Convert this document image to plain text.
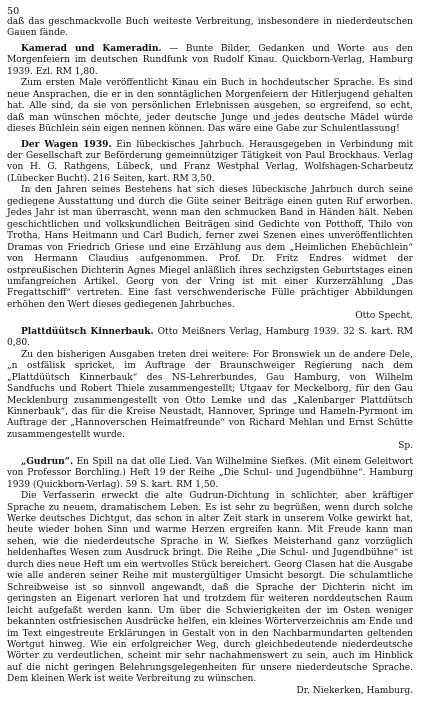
50
daß das geschmackvolle Buch weiteste Verbreitung, insbesondere in niederdeutschen Gauen fände.
Kamerad und Kameradin. — Bunte Bilder, Gedanken und Worte aus den Morgenfeiern im deutschen Rundfunk von Rudolf Kinau. Quickborn-Verlag, Hamburg 1939. Ezl. RM 1,80.
Zum ersten Male veröffentlicht Kinau ein Buch in hochdeutscher Sprache. Es sind neue Ansprachen, die er in den sonntäglichen Morgenfeiern der Hitlerjugend gehalten hat. Alle sind, da sie von persönlichen Erlebnissen ausgehen, so ergreifend, so echt, daß man wünschen möchte, jeder deutsche Junge und jedes deutsche Mädel würde dieses Büchlein sein eigen nennen können. Das wäre eine Gabe zur Schulentlassung!
Der Wagen 1939. Ein lübeckisches Jahrbuch. Herausgegeben in Verbindung mit der Gesellschaft zur Beförderung gemeinnütziger Tätigkeit von Paul Brockhaus. Verlag von H. G. Rathgens, Lübeck, und Franz Westphal Verlag, Wolfshagen-Scharbeutz (Lübecker Bucht). 216 Seiten, kart. RM 3,50.
In den Jahren seines Bestehens hat sich dieses lübeckische Jahrbuch durch seine gediegene Ausstattung und durch die Güte seiner Beiträge einen guten Ruf erworben. Jedes Jahr ist man überrascht, wenn man den schmucken Band in Händen hält. Neben geschichtlichen und volkskundlichen Beiträgen sind Gedichte von Potthoff, Thilo von Trotha, Hans Heitmann und Carl Budich, ferner zwei Szenen eines unveröffentlichten Dramas von Friedrich Griese und eine Erzählung aus dem „Heimlichen Ehebüchlein“ von Hermann Claudius aufgenommen. Prof. Dr. Fritz Endres widmet der ostpreußischen Dichterin Agnes Miegel anläßlich ihres sechzigsten Geburtstages einen umfangreichen Artikel. Georg von der Vring ist mit einer Kurzerzählung „Das Fregattschiff“ vertreten. Eine fast verschwenderische Fülle prächtiger Abbildungen erhöhen den Wert dieses gediegenen Jahrbuches.
Otto Specht.
Plattdüütsch Kinnerbauk. Otto Meißners Verlag, Hamburg 1939. 32 S. kart. RM 0,80.
Zu den bisherigen Ausgaben treten drei weitere: For Bronswiek un de andere Dele, „n ostfälisk spricket, im Auftrage der Braunschweiger Regierung nach dem „Plattdüütsch Kinnerbauk“ des NS-Lehrerbundes, Gau Hamburg, von Wilhelm Sandfuchs und Robert Thiele zusammengestellt; Utgaav for Meckelborg, für den Gau Mecklenburg zusammengestellt von Otto Lemke und das „Kalenbarger Plattdütsch Kinnerbauk“, das für die Kreise Neustadt, Hannover, Springe und Hameln-Pyrmont im Auftrage der „Hannoverschen Heimatfreunde“ von Richard Mehlan und Ernst Schütte zusammengestellt wurde.
Sp.
„Gudrun“. En Spill na dat olle Lied. Van Wilhelmine Siefkes. (Mit einem Geleitwort von Professor Borchling.) Heft 19 der Reihe „Die Schul- und Jugendbühne“. Hamburg 1939 (Quickborn-Verlag). 59 S. kart. RM 1,50.
Die Verfasserin erweckt die alte Gudrun-Dichtung in schlichter, aber kräftiger Sprache zu neuem, dramatischem Leben. Es ist sehr zu begrüßen, wenn durch solche Werke deutsches Dichtgut, das schon in alter Zeit stark in unserem Volke gewirkt hat, heute wieder bohen Sinn und warme Herzen ergreifen kann. Mit Freude kann man sehen, wie die niederdeutsche Sprache in W. Siefkes Meisterhand ganz vorzüglich heldenhaftes Wesen zum Ausdruck bringt. Die Reihe „Die Schul- und Jugendbühne“ ist durch dies neue Heft um ein wertvolles Stück bereichert. Georg Clasen hat die Ausgabe wie alle anderen seiner Reihe mit mustergültiger Umsicht besorgt. Die schulamtliche Schreibweise ist so sinnvoll angewandt, daß die Sprache der Dichterin nicht im geringsten an Eigenart verloren hat und trotzdem für weiteren norddeutschen Raum leicht aufgefaßt werden kann. Um über die Schwierigkeiten der im Osten weniger bekannten ostfriesischen Ausdrücke helfen, ein kleines Wörterverzeichnis am Ende und im Text eingestreute Erklärungen in Gestalt von in den Nachbarmundarten geltenden Wortgut hinweg. Wie ein erfolgreicher Weg, durch gleichbedeutende niederdeutsche Wörter zu verdeutlichen, scheint mir sehr nachahmenswert zu sein, auch im Hinblick auf die nicht geringen Belehrungsgelegenheiten für unsere niederdeutsche Sprache. Dem kleinen Werk ist weite Verbreitung zu wünschen.
Dr. Niekerken, Hamburg.
